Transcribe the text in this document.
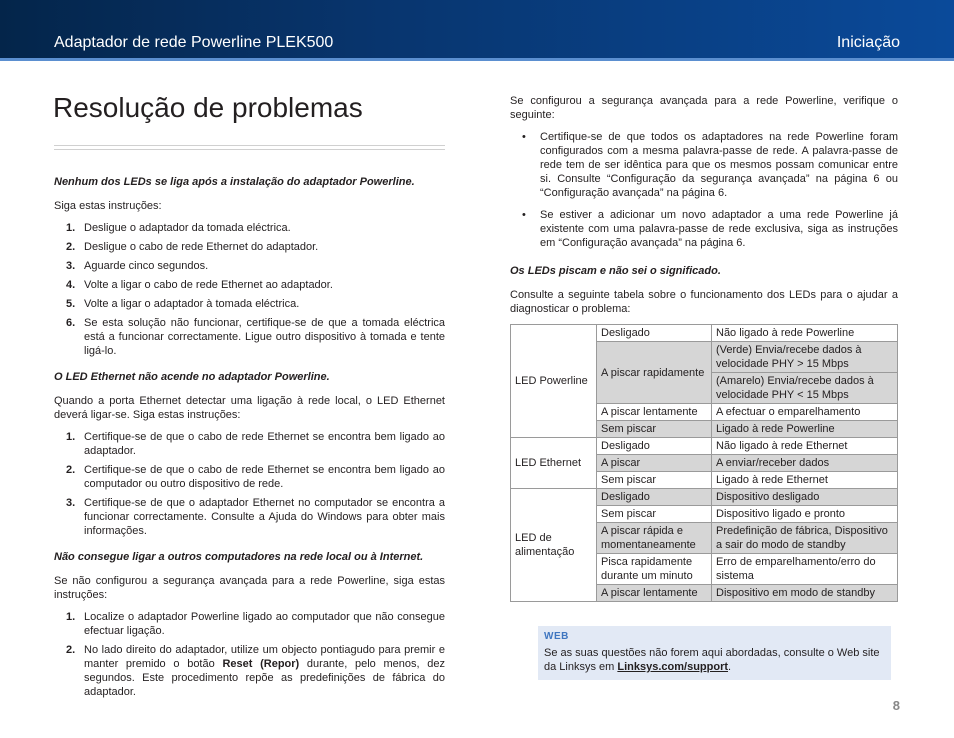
Adaptador de rede Powerline PLEK500	Iniciação
Resolução de problemas

Nenhum dos LEDs se liga após a instalação do adaptador Powerline.

Siga estas instruções:

1. Desligue o adaptador da tomada eléctrica.
2. Desligue o cabo de rede Ethernet do adaptador.
3. Aguarde cinco segundos.
4. Volte a ligar o cabo de rede Ethernet ao adaptador.
5. Volte a ligar o adaptador à tomada eléctrica.
6. Se esta solução não funcionar, certifique-se de que a tomada eléctrica está a funcionar correctamente. Ligue outro dispositivo à tomada e tente ligá-lo.

O LED Ethernet não acende no adaptador Powerline.

Quando a porta Ethernet detectar uma ligação à rede local, o LED Ethernet deverá ligar-se. Siga estas instruções:

1. Certifique-se de que o cabo de rede Ethernet se encontra bem ligado ao adaptador.
2. Certifique-se de que o cabo de rede Ethernet se encontra bem ligado ao computador ou outro dispositivo de rede.
3. Certifique-se de que o adaptador Ethernet no computador se encontra a funcionar correctamente. Consulte a Ajuda do Windows para obter mais informações.

Não consegue ligar a outros computadores na rede local ou à Internet.

Se não configurou a segurança avançada para a rede Powerline, siga estas instruções:

1. Localize o adaptador Powerline ligado ao computador que não consegue efectuar ligação.
2. No lado direito do adaptador, utilize um objecto pontiagudo para premir e manter premido o botão Reset (Repor) durante, pelo menos, dez segundos. Este procedimento repõe as predefinições de fábrica do adaptador.

Se configurou a segurança avançada para a rede Powerline, verifique o seguinte:

• Certifique-se de que todos os adaptadores na rede Powerline foram configurados com a mesma palavra-passe de rede. A palavra-passe de rede tem de ser idêntica para que os mesmos possam comunicar entre si. Consulte “Configuração da segurança avançada” na página 6 ou “Configuração avançada” na página 6.
• Se estiver a adicionar um novo adaptador a uma rede Powerline já existente com uma palavra-passe de rede exclusiva, siga as instruções em “Configuração avançada” na página 6.

Os LEDs piscam e não sei o significado.

Consulte a seguinte tabela sobre o funcionamento dos LEDs para o ajudar a diagnosticar o problema:

LED Powerline	Desligado	Não ligado à rede Powerline
	A piscar rapidamente	(Verde) Envia/recebe dados à velocidade PHY > 15 Mbps
		(Amarelo) Envia/recebe dados à velocidade PHY < 15 Mbps
	A piscar lentamente	A efectuar o emparelhamento
	Sem piscar	Ligado à rede Powerline
LED Ethernet	Desligado	Não ligado à rede Ethernet
	A piscar	A enviar/receber dados
	Sem piscar	Ligado à rede Ethernet
LED de alimentação	Desligado	Dispositivo desligado
	Sem piscar	Dispositivo ligado e pronto
	A piscar rápida e momentaneamente	Predefinição de fábrica, Dispositivo a sair do modo de standby
	Pisca rapidamente durante um minuto	Erro de emparelhamento/erro do sistema
	A piscar lentamente	Dispositivo em modo de standby
WEB
Se as suas questões não forem aqui abordadas, consulte o Web site da Linksys em Linksys.com/support.
8
